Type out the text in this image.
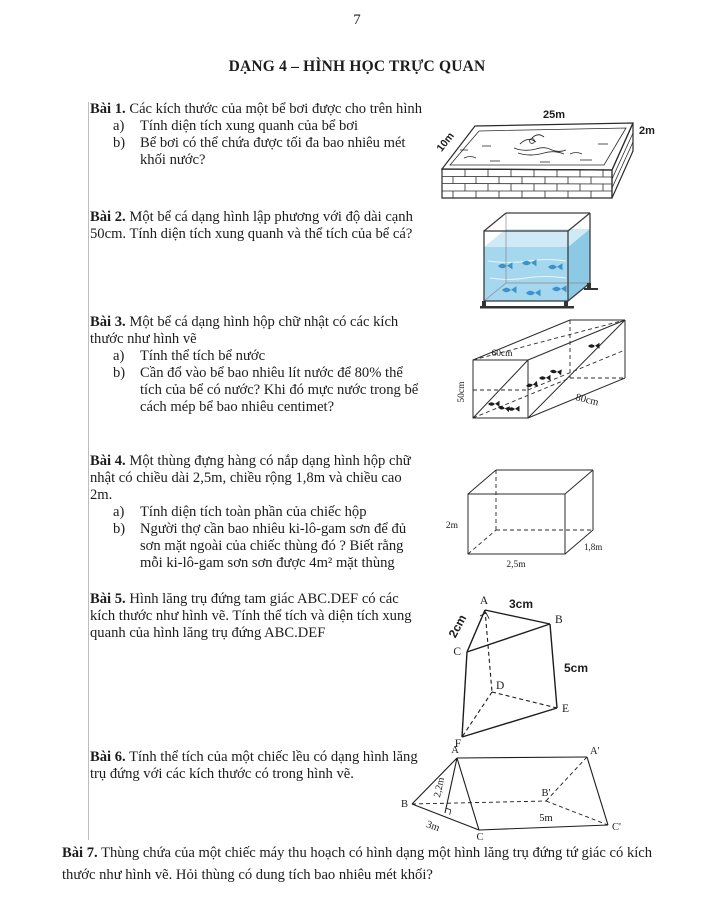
7
DẠNG 4 – HÌNH HỌC TRỰC QUAN
Bài 1. Các kích thước của một bể bơi được cho trên hình
a)	Tính diện tích xung quanh của bể bơi
b)	Bể bơi có thể chứa được tối đa bao nhiêu mét khối nước?
Bài 2. Một bể cá dạng hình lập phương với độ dài cạnh 50cm. Tính diện tích xung quanh và thể tích của bể cá?
Bài 3. Một bể cá dạng hình hộp chữ nhật có các kích thước như hình vẽ
a)	Tính thể tích bể nước
b)	Cần đổ vào bể bao nhiêu lít nước để 80% thể tích của bể có nước? Khi đó mực nước trong bể cách mép bể bao nhiêu centimet?
Bài 4. Một thùng đựng hàng có nắp dạng hình hộp chữ nhật có chiều dài 2,5m, chiều rộng 1,8m và chiều cao 2m.
a)	Tính diện tích toàn phần của chiếc hộp
b)	Người thợ cần bao nhiêu ki-lô-gam sơn để đủ sơn mặt ngoài của chiếc thùng đó ? Biết rằng mỗi ki-lô-gam sơn sơn được 4m² mặt thùng
Bài 5. Hình lăng trụ đứng tam giác ABC.DEF có các kích thước như hình vẽ. Tính thể tích và diện tích xung quanh của hình lăng trụ đứng ABC.DEF
Bài 6. Tính thể tích của một chiếc lều có dạng hình lăng trụ đứng với các kích thước có trong hình vẽ.
Bài 7. Thùng chứa của một chiếc máy thu hoạch có hình dạng một hình lăng trụ đứng tứ giác có kích thước như hình vẽ. Hỏi thùng có dung tích bao nhiêu mét khối?
25m
2m
10m
60cm
50cm	80cm
2m
1,8m
2,5m
3cm
2cm
5cm
A
B
C
D
E
F
2,2m
3m
5m
A	A'
B
B'
C
C'
